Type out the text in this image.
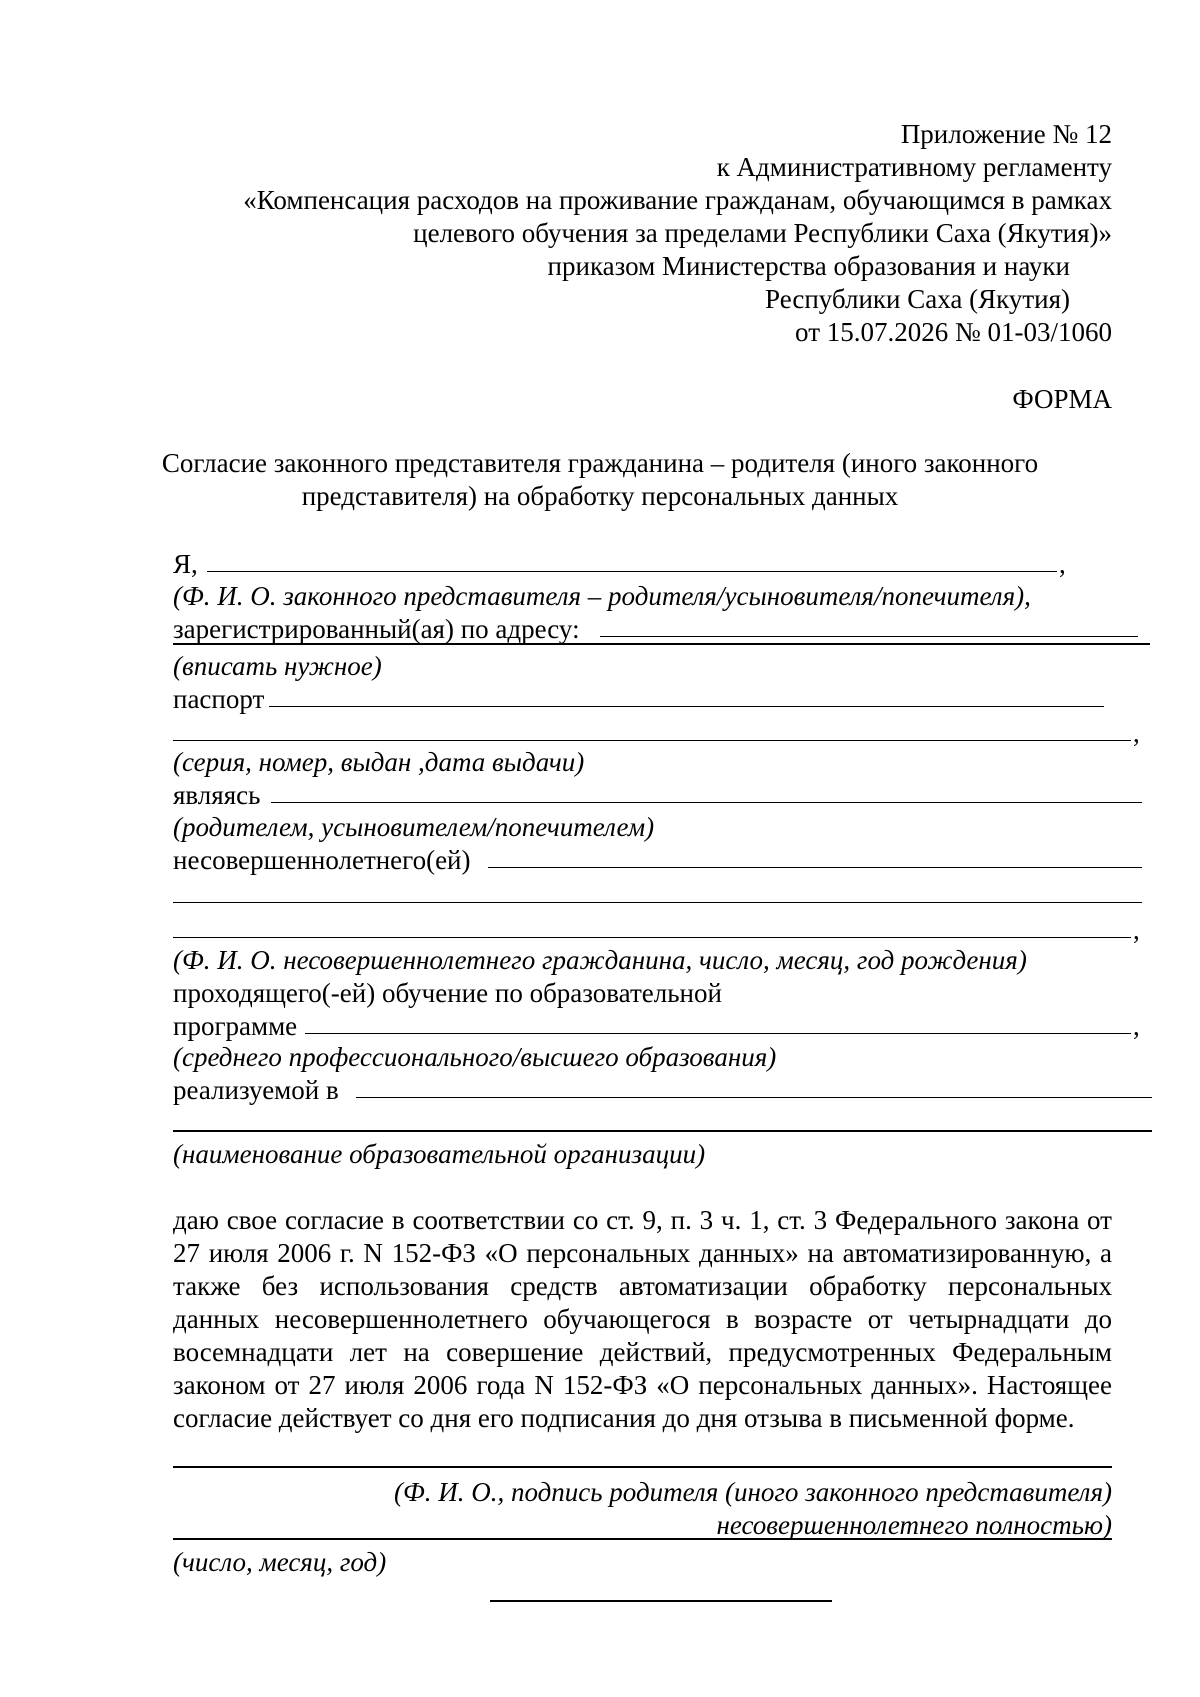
Приложение № 12
к Административному регламенту
«Компенсация расходов на проживание гражданам, обучающимся в рамках
целевого обучения за пределами Республики Саха (Якутия)»
приказом Министерства образования и науки
Республики Саха (Якутия)
от 15.07.2026 № 01-03/1060
ФОРМА
Согласие законного представителя гражданина – родителя (иного законного
представителя) на обработку персональных данных
Я,	,
(Ф. И. О. законного представителя – родителя/усыновителя/попечителя),
зарегистрированный(ая) по адресу:
(вписать нужное)
паспорт
,
(серия, номер, выдан ,дата выдачи)
являясь
(родителем, усыновителем/попечителем)
несовершеннолетнего(ей)
,
(Ф. И. О. несовершеннолетнего гражданина, число, месяц, год рождения)
проходящего(-ей) обучение по образовательной
программе	,
(среднего профессионального/высшего образования)
реализуемой в
(наименование образовательной организации)
даю свое согласие в соответствии со ст. 9, п. 3 ч. 1, ст. 3 Федерального закона от
27 июля 2006 г. N 152-ФЗ «О персональных данных» на автоматизированную, а
также без использования средств автоматизации обработку персональных
данных несовершеннолетнего обучающегося в возрасте от четырнадцати до
восемнадцати лет на совершение действий, предусмотренных Федеральным
законом от 27 июля 2006 года N 152-ФЗ «О персональных данных». Настоящее
согласие действует со дня его подписания до дня отзыва в письменной форме.
(Ф. И. О., подпись родителя (иного законного представителя)
несовершеннолетнего полностью)
(число, месяц, год)
